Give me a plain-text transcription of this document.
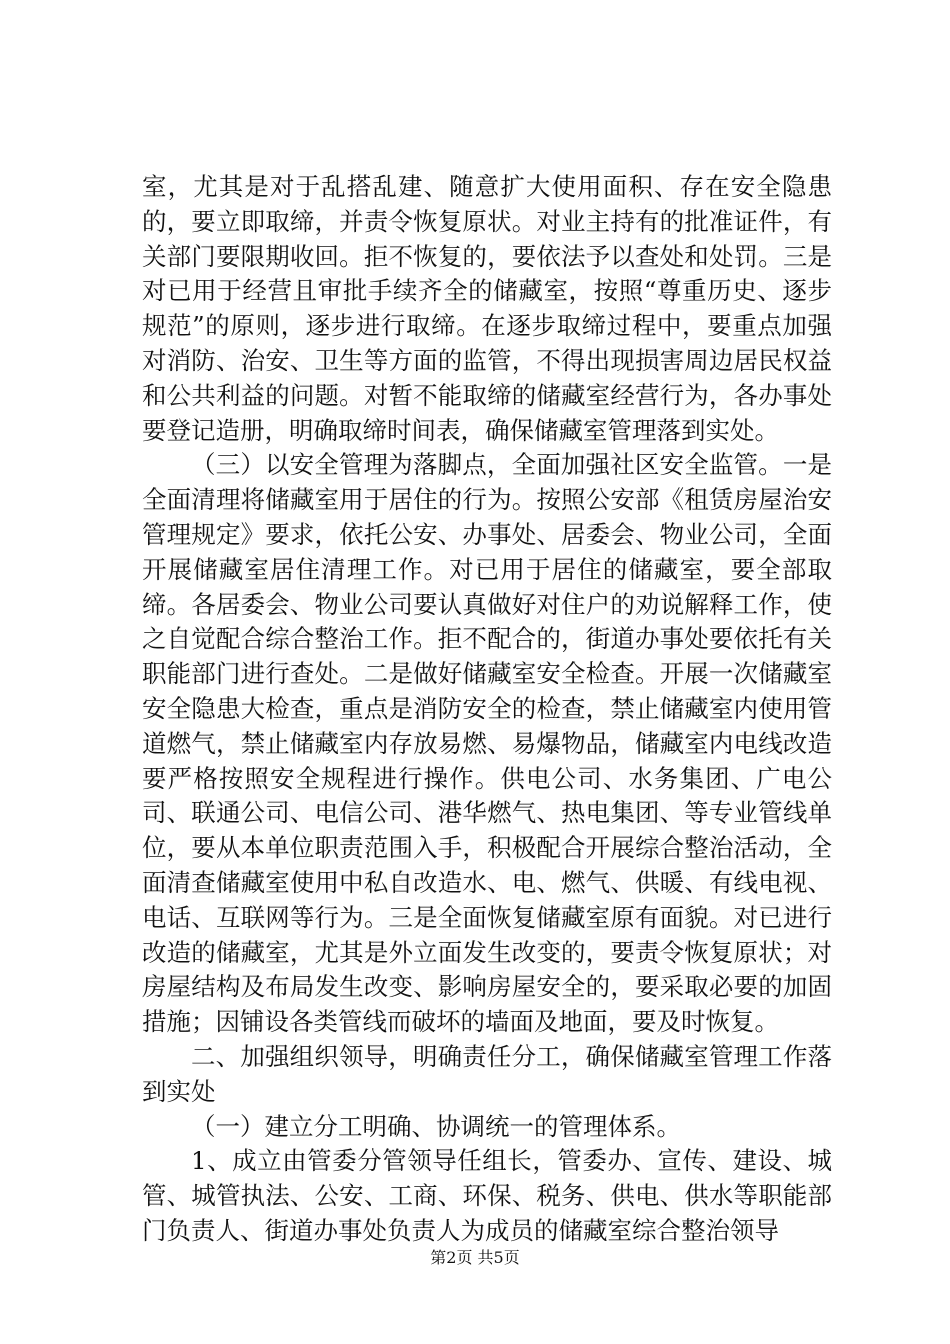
室，尤其是对于乱搭乱建、随意扩大使用面积、存在安全隐患的，要立即取缔，并责令恢复原状。对业主持有的批准证件，有关部门要限期收回。拒不恢复的，要依法予以查处和处罚。三是对已用于经营且审批手续齐全的储藏室，按照“尊重历史、逐步规范”的原则，逐步进行取缔。在逐步取缔过程中，要重点加强对消防、治安、卫生等方面的监管，不得出现损害周边居民权益和公共利益的问题。对暂不能取缔的储藏室经营行为，各办事处要登记造册，明确取缔时间表，确保储藏室管理落到实处。

（三）以安全管理为落脚点，全面加强社区安全监管。一是全面清理将储藏室用于居住的行为。按照公安部《租赁房屋治安管理规定》要求，依托公安、办事处、居委会、物业公司，全面开展储藏室居住清理工作。对已用于居住的储藏室，要全部取缔。各居委会、物业公司要认真做好对住户的劝说解释工作，使之自觉配合综合整治工作。拒不配合的，街道办事处要依托有关职能部门进行查处。二是做好储藏室安全检查。开展一次储藏室安全隐患大检查，重点是消防安全的检查，禁止储藏室内使用管道燃气，禁止储藏室内存放易燃、易爆物品，储藏室内电线改造要严格按照安全规程进行操作。供电公司、水务集团、广电公司、联通公司、电信公司、港华燃气、热电集团、等专业管线单位，要从本单位职责范围入手，积极配合开展综合整治活动，全面清查储藏室使用中私自改造水、电、燃气、供暖、有线电视、电话、互联网等行为。三是全面恢复储藏室原有面貌。对已进行改造的储藏室，尤其是外立面发生改变的，要责令恢复原状；对房屋结构及布局发生改变、影响房屋安全的，要采取必要的加固措施；因铺设各类管线而破坏的墙面及地面，要及时恢复。

二、加强组织领导，明确责任分工，确保储藏室管理工作落到实处

（一）建立分工明确、协调统一的管理体系。

1、成立由管委分管领导任组长，管委办、宣传、建设、城管、城管执法、公安、工商、环保、税务、供电、供水等职能部门负责人、街道办事处负责人为成员的储藏室综合整治领导

第2页 共5页
